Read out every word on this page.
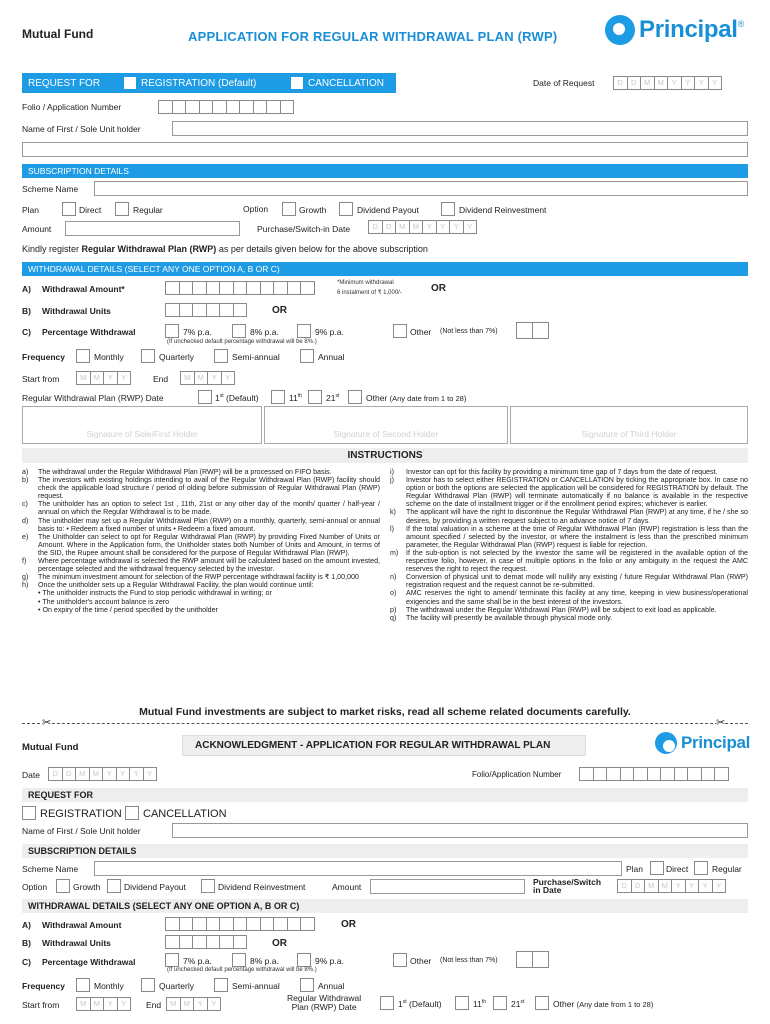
Mutual Fund	APPLICATION FOR REGULAR WITHDRAWAL PLAN (RWP)	Principal ®
REQUEST FOR	REGISTRATION (Default)	CANCELLATION	Date of Request	D	D	M M	Y	Y	Y	Y
Folio / Application Number
Name of First / Sole Unit holder
SUBSCRIPTION DETAILS
Scheme Name
Plan	Direct	Regular	Option	Growth	Dividend Payout	Dividend Reinvestment
Amount	Purchase/Switch-in Date	D	D	M M	Y	Y	Y	Y
Kindly register Regular Withdrawal Plan (RWP) as per details given below for the above subscription
WITHDRAWAL DETAILS (SELECT ANY ONE OPTION A, B OR C)
A) Withdrawal Amount*
*Minimum withdrawal
6 instalment of ₹ 1,000/-	OR
B) Withdrawal Units	OR
C) Percentage Withdrawal	7% p.a.	8% p.a.	9% p.a.	Other (Not less than 7%)
(If unchecked default percentage withdrawal will be 8%.)
Frequency	Monthly	Quarterly	Semi-annual	Annual
Start from	M M	Y	Y	End	M M	Y	Y
Regular Withdrawal Plan (RWP) Date	1st (Default)	11th	21st	Other (Any date from 1 to 28)
Signature of Sole/First Holder	Signature of Second Holder	Signature of Third Holder
INSTRUCTIONS
a)	The withdrawal under the Regular Withdrawal Plan (RWP) will be a processed on FIFO basis.
b)	The investors with existing holdings intending to avail of the Regular Withdrawal Plan (RWP) facility should check the applicable load structure / period of olding before submission of Regular Withdrawal Plan (RWP) request.
c)	The unitholder has an option to select 1st , 11th, 21st or any other day of the month/ quarter / half-year / annual on which the Regular Withdrawal is to be made.
d)	The unitholder may set up a Regular Withdrawal Plan (RWP) on a monthly, quarterly, semi-annual or annual basis to: • Redeem a fixed number of units • Redeem a fixed amount.
e)	The Unitholder can select to opt for Regular Withdrawal Plan (RWP) by providing Fixed Number of Units or Amount. Where in the Application form, the Unitholder states both Number of Units and Amount, in terms of the SID, the Rupee amount shall be considered for the purpose of Regular Withdrawal Plan (RWP).
f)	Where percentage withdrawal is selected the RWP amount will be calculated based on the amount invested, percentage selected and the withdrawal frequency selected by the investor.
g)	The minimum investment amount for selection of the RWP percentage withdrawal facility is ₹ 1,00,000
h)	Once the unitholder sets up a Regular Withdrawal Facility, the plan would continue until:
• The unitholder instructs the Fund to stop periodic withdrawal in writing; or
• The unitholder's account balance is zero
• On expiry of the time / period specified by the unitholder
i)	Investor can opt for this facility by providing a minimum time gap of 7 days from the date of request.
j)	Investor has to select either REGISTRATION or CANCELLATION by ticking the appropriate box. In case no option or both the options are selected the application will be considered for REGISTRATION by default. The Regular Withdrawal Plan (RWP) will terminate automatically if no balance is available in the respective scheme on the date of installment trigger or if the enrollment period expires; whichever is earlier.
k)	The applicant will have the right to discontinue the Regular Withdrawal Plan (RWP) at any time, if he / she so desires, by providing a written request subject to an advance notice of 7 days.
l)	If the total valuation in a scheme at the time of Regular Withdrawal Plan (RWP) registration is less than the amount specified / selected by the investor, or where the instalment is less than the prescribed minimum parameter, the Regular Withdrawal Plan (RWP) request is liable for rejection.
m)	If the sub-option is not selected by the investor the same will be registered in the available option of the respective folio, however, in case of multiple options in the folio or any ambiguity in the request the AMC reserves the right to reject the request.
n)	Conversion of physical unit to demat mode will nullify any existing / future Regular Withdrawal Plan (RWP) registration request and the request cannot be re-submitted.
o)	AMC reserves the right to amend/ terminate this facility at any time, keeping in view business/operational exigencies and the same shall be in the best interest of the investors.
p)	The withdrawal under the Regular Withdrawal Plan (RWP) will be subject to exit load as applicable.
q)	The facility will presently be available through physical mode only.
Mutual Fund investments are subject to market risks, read all scheme related documents carefully.
✂	✂
Mutual Fund	ACKNOWLEDGMENT - APPLICATION FOR REGULAR WITHDRAWAL PLAN	Principal
Date	D	D	M M	Y	Y	Y	Y	Folio/Application Number
REQUEST FOR
REGISTRATION CANCELLATION
Name of First / Sole Unit holder
SUBSCRIPTION DETAILS
Scheme Name	Plan	Direct	Regular
Option	Growth	Dividend Payout	Dividend Reinvestment	Amount	Purchase/Switch
in Date	D	D	M M	Y	Y	Y	Y
WITHDRAWAL DETAILS (SELECT ANY ONE OPTION A, B OR C)
A) Withdrawal Amount	OR
B) Withdrawal Units	OR
C) Percentage Withdrawal	7% p.a.	8% p.a.	9% p.a.	Other (Not less than 7%)
(If unchecked default percentage withdrawal will be 8%.)
Frequency	Monthly	Quarterly	Semi-annual	Annual
Start from	M M	Y	Y	End	M M	Y	Y
Regular Withdrawal
Plan (RWP) Date	1st (Default)	11th	21st	Other (Any date from 1 to 28)
